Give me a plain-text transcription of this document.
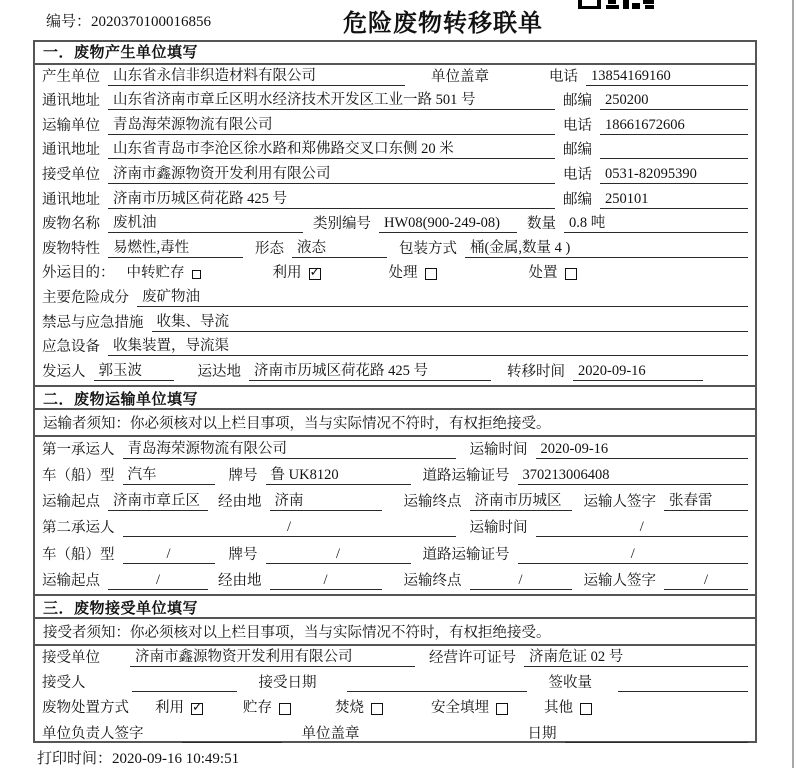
编号：2020370100016856	危险废物转移联单
一．废物产生单位填写
产生单位 山东省永信非织造材料有限公司	单位盖章	电话 13854169160
通讯地址 山东省济南市章丘区明水经济技术开发区工业一路 501 号	邮编 250200
运输单位 青岛海荣源物流有限公司	电话 18661672606
通讯地址 山东省青岛市李沧区徐水路和郑佛路交叉口东侧 20 米	邮编
接受单位 济南市鑫源物资开发利用有限公司	电话 0531-82095390
通讯地址 济南市历城区荷花路 425 号	邮编 250101
废物名称 废机油	类别编号 HW08(900-249-08)	数量 0.8 吨
废物特性 易燃性,毒性	形态 液态	包装方式 桶(金属,数量 4 )
外运目的： 中转贮存	利用 ✓	处理	处置
主要危险成分 废矿物油
禁忌与应急措施 收集、导流
应急设备 收集装置，导流渠
发运人 郭玉波	运达地 济南市历城区荷花路 425 号	转移时间 2020-09-16
二．废物运输单位填写
运输者须知： 你必须核对以上栏目事项，当与实际情况不符时，有权拒绝接受。
第一承运人 青岛海荣源物流有限公司	运输时间 2020-09-16
车（船）型 汽车	牌号 鲁 UK8120	道路运输证号 370213006408
运输起点 济南市章丘区	经由地 济南	运输终点 济南市历城区	运输人签字 张春雷
第二承运人	/	运输时间	/
车（船）型	/	牌号	/	道路运输证号	/
运输起点	/	经由地	/	运输终点	/	运输人签字	/
三．废物接受单位填写
接受者须知： 你必须核对以上栏目事项，当与实际情况不符时，有权拒绝接受。
接受单位	济南市鑫源物资开发利用有限公司	经营许可证号 济南危证 02 号
接受人	接受日期	签收量
废物处置方式 利用 ✓	贮存	焚烧	安全填埋	其他
单位负责人签字	单位盖章	日期
打印时间：2020-09-16 10:49:51
